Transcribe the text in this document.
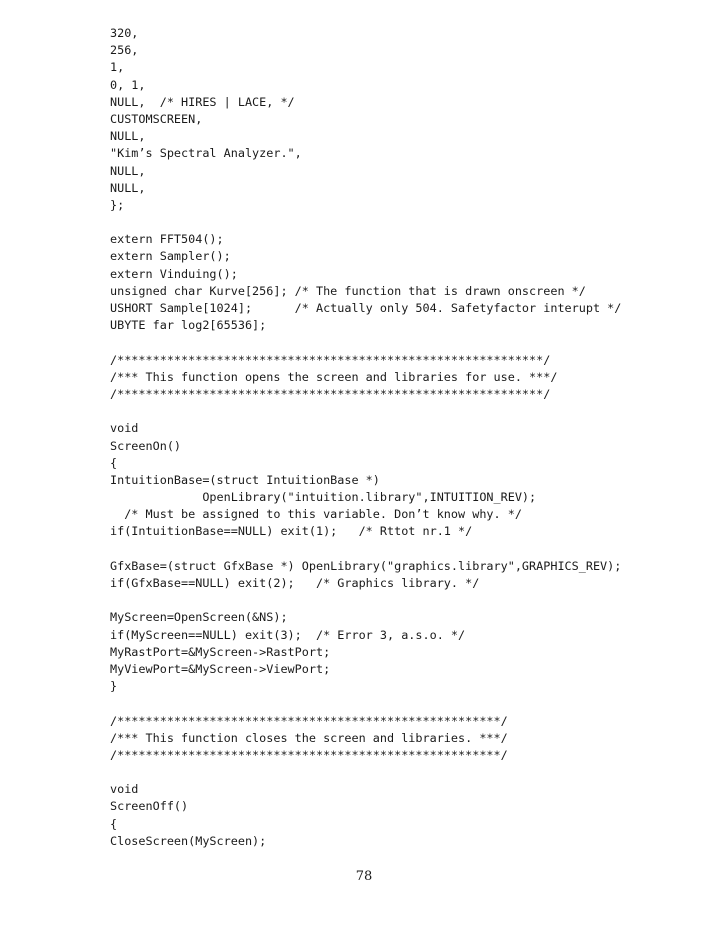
320,
256,
1,
0, 1,
NULL,  /* HIRES | LACE, */
CUSTOMSCREEN,
NULL,
"Kim’s Spectral Analyzer.",
NULL,
NULL,
};
extern FFT504();
extern Sampler();
extern Vinduing();
unsigned char Kurve[256]; /* The function that is drawn onscreen */
USHORT Sample[1024];      /* Actually only 504. Safetyfactor interupt */
UBYTE far log2[65536];
/************************************************************/
/*** This function opens the screen and libraries for use. ***/
/************************************************************/
void
ScreenOn()
{
IntuitionBase=(struct IntuitionBase *)
OpenLibrary("intuition.library",INTUITION_REV);
/* Must be assigned to this variable. Don’t know why. */
if(IntuitionBase==NULL) exit(1);   /* Rttot nr.1 */
GfxBase=(struct GfxBase *) OpenLibrary("graphics.library",GRAPHICS_REV);
if(GfxBase==NULL) exit(2);   /* Graphics library. */
MyScreen=OpenScreen(&NS);
if(MyScreen==NULL) exit(3);  /* Error 3, a.s.o. */
MyRastPort=&MyScreen->RastPort;
MyViewPort=&MyScreen->ViewPort;
}
/******************************************************/
/*** This function closes the screen and libraries. ***/
/******************************************************/
void
ScreenOff()
{
CloseScreen(MyScreen);
78
